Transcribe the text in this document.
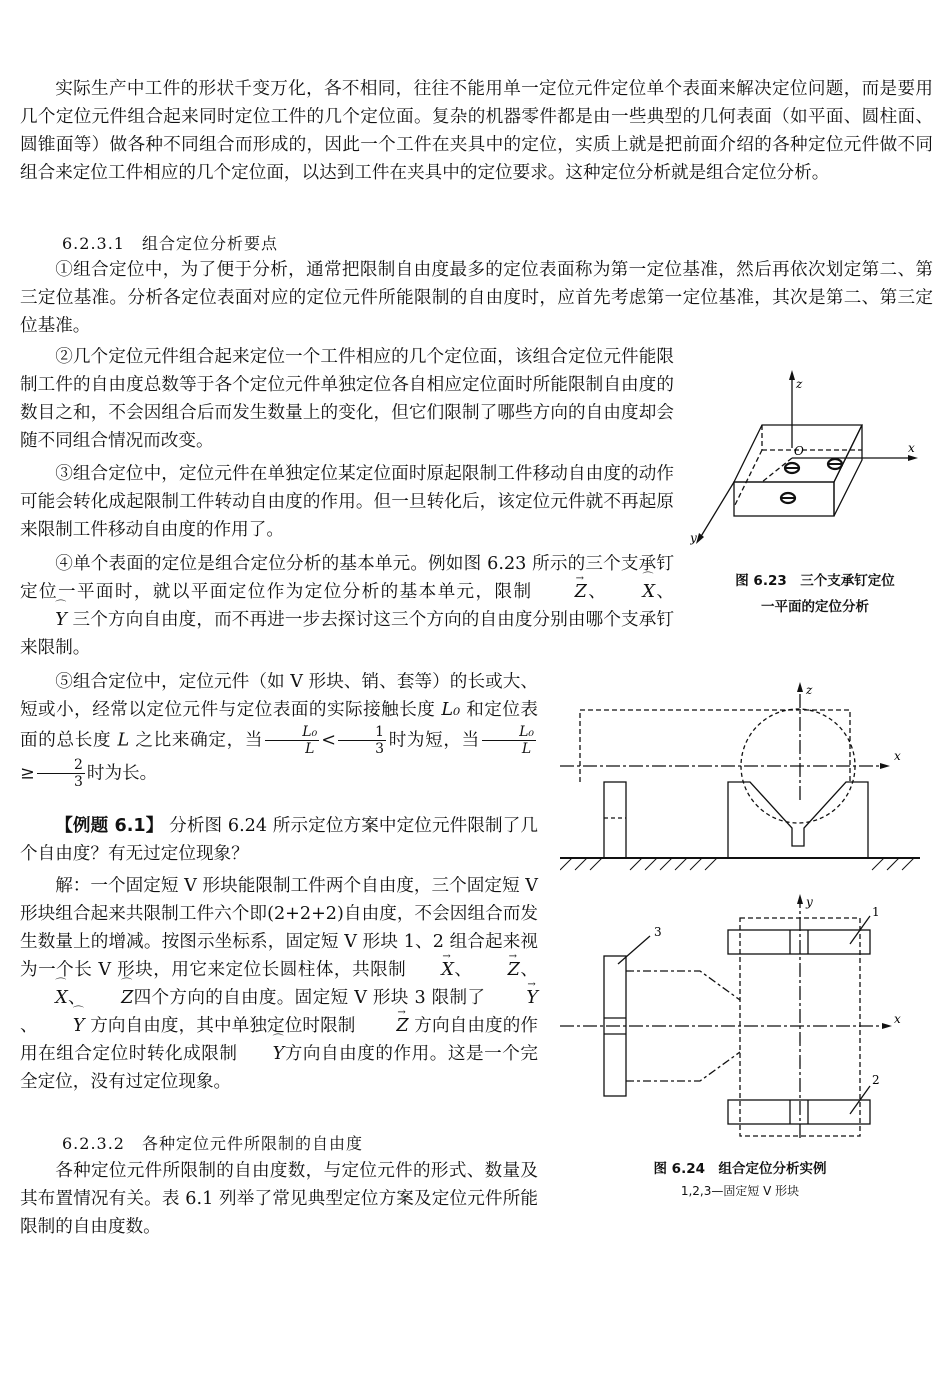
实际生产中工件的形状千变万化，各不相同，往往不能用单一定位元件定位单个表面来解决定位问题，而是要用几个定位元件组合起来同时定位工件的几个定位面。复杂的机器零件都是由一些典型的几何表面（如平面、圆柱面、圆锥面等）做各种不同组合而形成的，因此一个工件在夹具中的定位，实质上就是把前面介绍的各种定位元件做不同组合来定位工件相应的几个定位面，以达到工件在夹具中的定位要求。这种定位分析就是组合定位分析。

6.2.3.1　组合定位分析要点

①组合定位中，为了便于分析，通常把限制自由度最多的定位表面称为第一定位基准，然后再依次划定第二、第三定位基准。分析各定位表面对应的定位元件所能限制的自由度时，应首先考虑第一定位基准，其次是第二、第三定位基准。

②几个定位元件组合起来定位一个工件相应的几个定位面，该组合定位元件能限制工件的自由度总数等于各个定位元件单独定位各自相应定位面时所能限制自由度的数目之和，不会因组合后而发生数量上的变化，但它们限制了哪些方向的自由度却会随不同组合情况而改变。

③组合定位中，定位元件在单独定位某定位面时原起限制工件移动自由度的动作可能会转化成起限制工件转动自由度的作用。但一旦转化后，该定位元件就不再起原来限制工件移动自由度的作用了。

④单个表面的定位是组合定位分析的基本单元。例如图 6.23 所示的三个支承钉定位一平面时，就以平面定位作为定位分析的基本单元，限制 → Z、 ⌒ X、⌒ Y 三个方向自由度，而不再进一步去探讨这三个方向的自由度分别由哪个支承钉来限制。

⑤组合定位中，定位元件（如 V 形块、销、套等）的长或大、短或小，经常以定位元件与定位表面的实际接触长度 L₀ 和定位表面的总长度 L 之比来确定，当 $\frac{\text{L₀}}{L} < \frac{1}{3}$ 时为短，当 $\frac{\text{L₀}}{L}$
≥ $\frac{2}{3}$ 时为长。

【例题 6.1】 分析图 6.24 所示定位方案中定位元件限制了几个自由度？有无过定位现象？

解：一个固定短 V 形块能限制工件两个自由度，三个固定短 V 形块组合起来共限制工件六个即(2+2+2)自由度，不会因组合而发生数量上的增减。按图示坐标系，固定短 V 形块 1、2 组合起来视为一个长 V 形块，用它来定位长圆柱体，共限制 → X、 → Z、⌒ X、 ⌒ Z四个方向的自由度。固定短 V 形块 3 限制了 → Y、 ⌒ Y 方向自由度，其中单独定位时限制 → Z 方向自由度的作用在组合定位时转化成限制 ⌒ Y方向自由度的作用。这是一个完全定位，没有过定位现象。

6.2.3.2　各种定位元件所限制的自由度

各种定位元件所限制的自由度数，与定位元件的形式、数量及其布置情况有关。表 6.1 列举了常见典型定位方案及定位元件所能限制的自由度数。

z
x
y
O
图 6.23　三个支承钉定位
一平面的定位分析
z
x
y
x
1
2
3
图 6.24　组合定位分析实例
1,2,3—固定短 V 形块
